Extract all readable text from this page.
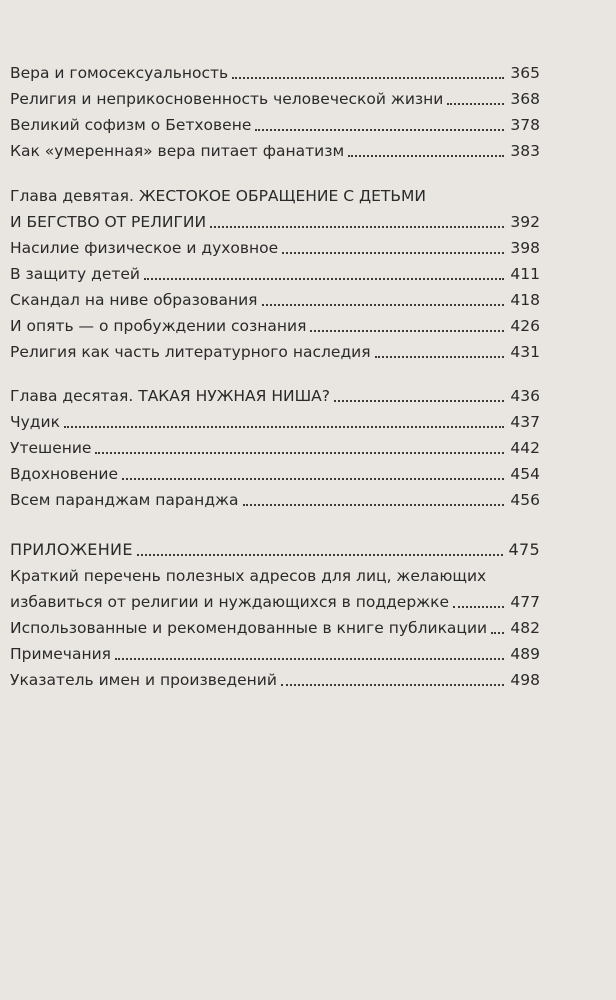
Вера и гомосексуальность	365
Религия и неприкосновенность человеческой жизни	368
Великий софизм о Бетховене	378
Как «умеренная» вера питает фанатизм	383
Глава девятая. ЖЕСТОКОЕ ОБРАЩЕНИЕ С ДЕТЬМИ
И БЕГСТВО ОТ РЕЛИГИИ	392
Насилие физическое и духовное	398
В защиту детей	411
Скандал на ниве образования	418
И опять — о пробуждении сознания	426
Религия как часть литературного наследия	431
Глава десятая. ТАКАЯ НУЖНАЯ НИША?	436
Чудик	437
Утешение	442
Вдохновение	454
Всем паранджам паранджа	456
ПРИЛОЖЕНИЕ	475
Краткий перечень полезных адресов для лиц, желающих
избавиться от религии и нуждающихся в поддержке	477
Использованные и рекомендованные в книге публикации 482
Примечания	489
Указатель имен и произведений	498
